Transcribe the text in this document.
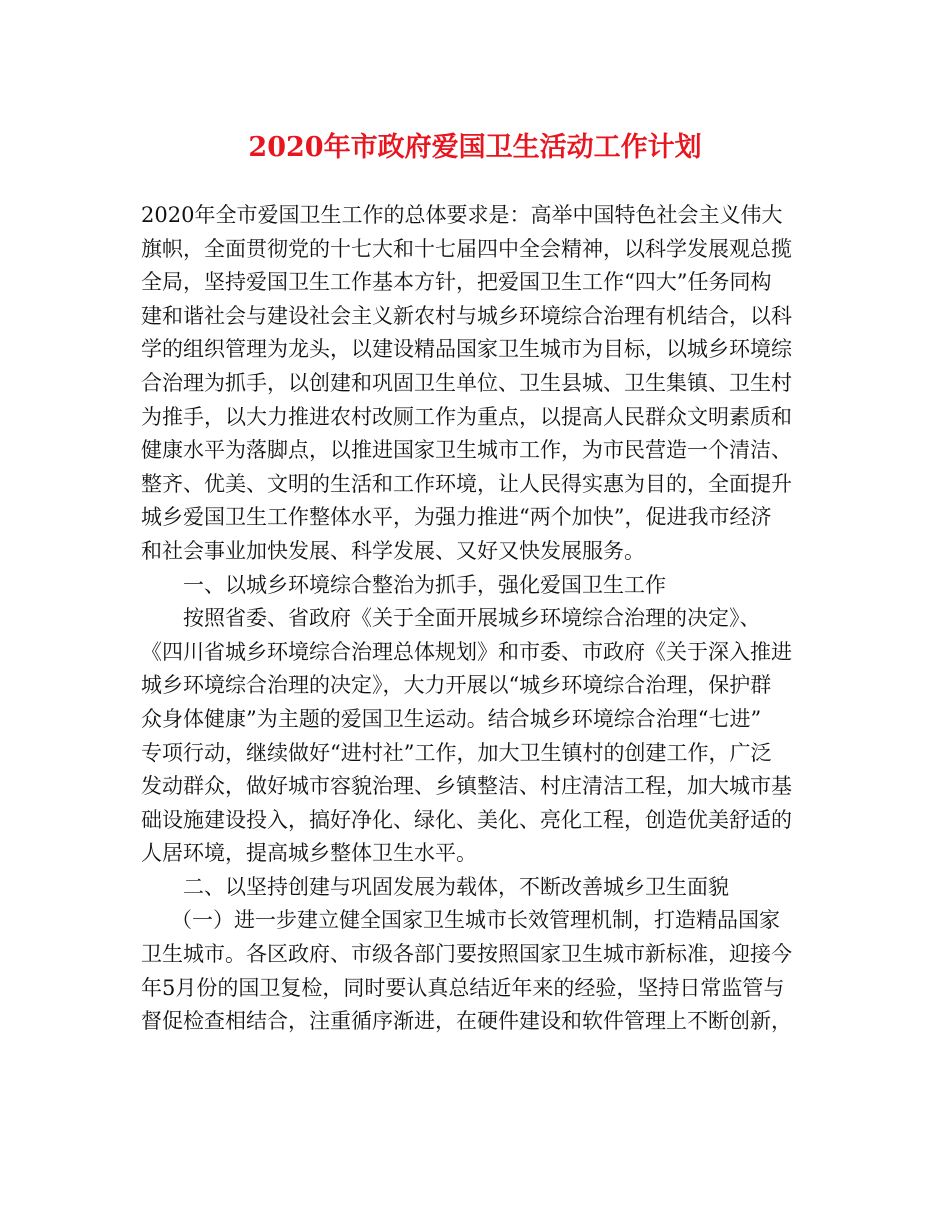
2020年市政府爱国卫生活动工作计划
2020年全市爱国卫生工作的总体要求是：高举中国特色社会主义伟大
旗帜，全面贯彻党的十七大和十七届四中全会精神，以科学发展观总揽
全局，坚持爱国卫生工作基本方针，把爱国卫生工作“四大”任务同构
建和谐社会与建设社会主义新农村与城乡环境综合治理有机结合，以科
学的组织管理为龙头，以建设精品国家卫生城市为目标，以城乡环境综
合治理为抓手，以创建和巩固卫生单位、卫生县城、卫生集镇、卫生村
为推手，以大力推进农村改厕工作为重点，以提高人民群众文明素质和
健康水平为落脚点，以推进国家卫生城市工作，为市民营造一个清洁、
整齐、优美、文明的生活和工作环境，让人民得实惠为目的，全面提升
城乡爱国卫生工作整体水平，为强力推进“两个加快”，促进我市经济
和社会事业加快发展、科学发展、又好又快发展服务。
一、以城乡环境综合整治为抓手，强化爱国卫生工作
按照省委、省政府《关于全面开展城乡环境综合治理的决定》、
《四川省城乡环境综合治理总体规划》和市委、市政府《关于深入推进
城乡环境综合治理的决定》，大力开展以“城乡环境综合治理，保护群
众身体健康”为主题的爱国卫生运动。结合城乡环境综合治理“七进”
专项行动，继续做好“进村社”工作，加大卫生镇村的创建工作，广泛
发动群众，做好城市容貌治理、乡镇整洁、村庄清洁工程，加大城市基
础设施建设投入，搞好净化、绿化、美化、亮化工程，创造优美舒适的
人居环境，提高城乡整体卫生水平。
二、以坚持创建与巩固发展为载体，不断改善城乡卫生面貌
（一）进一步建立健全国家卫生城市长效管理机制，打造精品国家
卫生城市。各区政府、市级各部门要按照国家卫生城市新标准，迎接今
年5月份的国卫复检，同时要认真总结近年来的经验，坚持日常监管与
督促检查相结合，注重循序渐进，在硬件建设和软件管理上不断创新，
